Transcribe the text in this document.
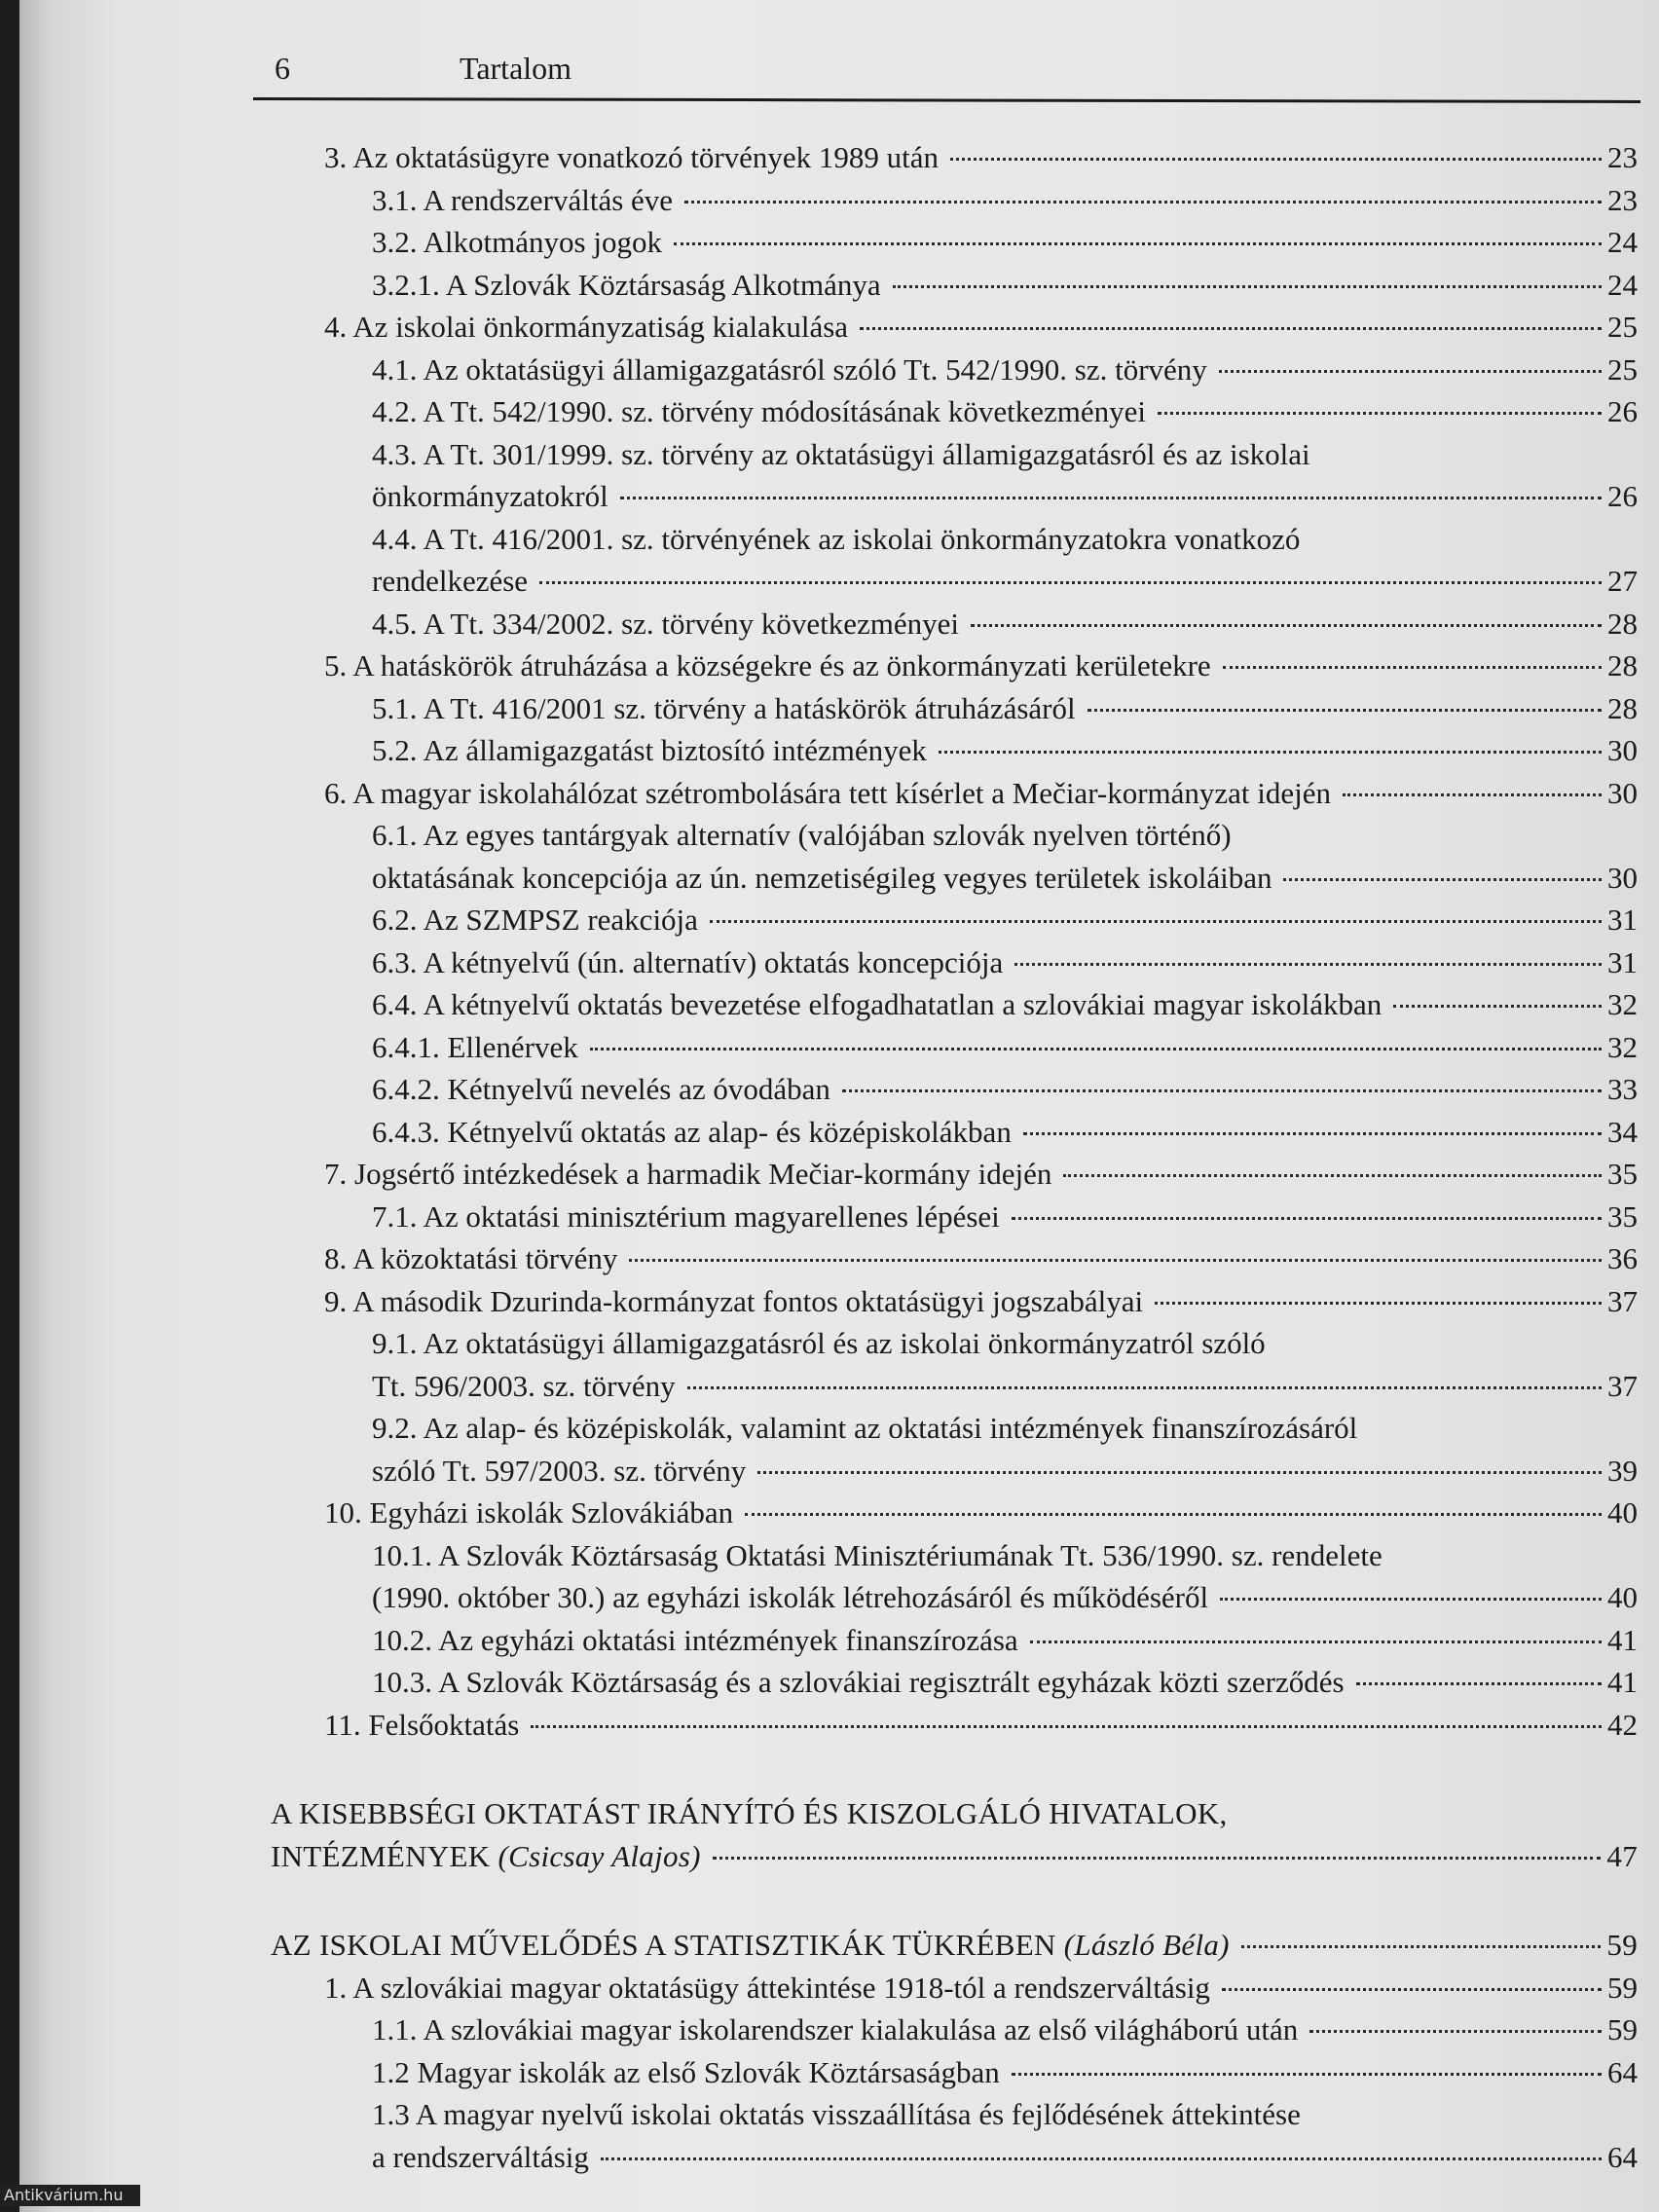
6	Tartalom
3. Az oktatásügyre vonatkozó törvények 1989 után	23
3.1. A rendszerváltás éve	23
3.2. Alkotmányos jogok	24
3.2.1. A Szlovák Köztársaság Alkotmánya	24
4. Az iskolai önkormányzatiság kialakulása	25
4.1. Az oktatásügyi államigazgatásról szóló Tt. 542/1990. sz. törvény	25
4.2. A Tt. 542/1990. sz. törvény módosításának következményei	26
4.3. A Tt. 301/1999. sz. törvény az oktatásügyi államigazgatásról és az iskolai
önkormányzatokról	26
4.4. A Tt. 416/2001. sz. törvényének az iskolai önkormányzatokra vonatkozó
rendelkezése	27
4.5. A Tt. 334/2002. sz. törvény következményei	28
5. A hatáskörök átruházása a községekre és az önkormányzati kerületekre	28
5.1. A Tt. 416/2001 sz. törvény a hatáskörök átruházásáról	28
5.2. Az államigazgatást biztosító intézmények	30
6. A magyar iskolahálózat szétrombolására tett kísérlet a Mečiar-kormányzat idején	30
6.1. Az egyes tantárgyak alternatív (valójában szlovák nyelven történő)
oktatásának koncepciója az ún. nemzetiségileg vegyes területek iskoláiban	30
6.2. Az SZMPSZ reakciója	31
6.3. A kétnyelvű (ún. alternatív) oktatás koncepciója	31
6.4. A kétnyelvű oktatás bevezetése elfogadhatatlan a szlovákiai magyar iskolákban	32
6.4.1. Ellenérvek	32
6.4.2. Kétnyelvű nevelés az óvodában	33
6.4.3. Kétnyelvű oktatás az alap- és középiskolákban	34
7. Jogsértő intézkedések a harmadik Mečiar-kormány idején	35
7.1. Az oktatási minisztérium magyarellenes lépései	35
8. A közoktatási törvény	36
9. A második Dzurinda-kormányzat fontos oktatásügyi jogszabályai	37
9.1. Az oktatásügyi államigazgatásról és az iskolai önkormányzatról szóló
Tt. 596/2003. sz. törvény	37
9.2. Az alap- és középiskolák, valamint az oktatási intézmények finanszírozásáról
szóló Tt. 597/2003. sz. törvény	39
10. Egyházi iskolák Szlovákiában	40
10.1. A Szlovák Köztársaság Oktatási Minisztériumának Tt. 536/1990. sz. rendelete
(1990. október 30.) az egyházi iskolák létrehozásáról és működéséről	40
10.2. Az egyházi oktatási intézmények finanszírozása	41
10.3. A Szlovák Köztársaság és a szlovákiai regisztrált egyházak közti szerződés	41
11. Felsőoktatás	42
A KISEBBSÉGI OKTATÁST IRÁNYÍTÓ ÉS KISZOLGÁLÓ HIVATALOK,
INTÉZMÉNYEK (Csicsay Alajos)	47
AZ ISKOLAI MŰVELŐDÉS A STATISZTIKÁK TÜKRÉBEN (László Béla)	59
1. A szlovákiai magyar oktatásügy áttekintése 1918-tól a rendszerváltásig	59
1.1. A szlovákiai magyar iskolarendszer kialakulása az első világháború után	59
1.2 Magyar iskolák az első Szlovák Köztársaságban	64
1.3 A magyar nyelvű iskolai oktatás visszaállítása és fejlődésének áttekintése
a rendszerváltásig	64
Antikvárium.hu
